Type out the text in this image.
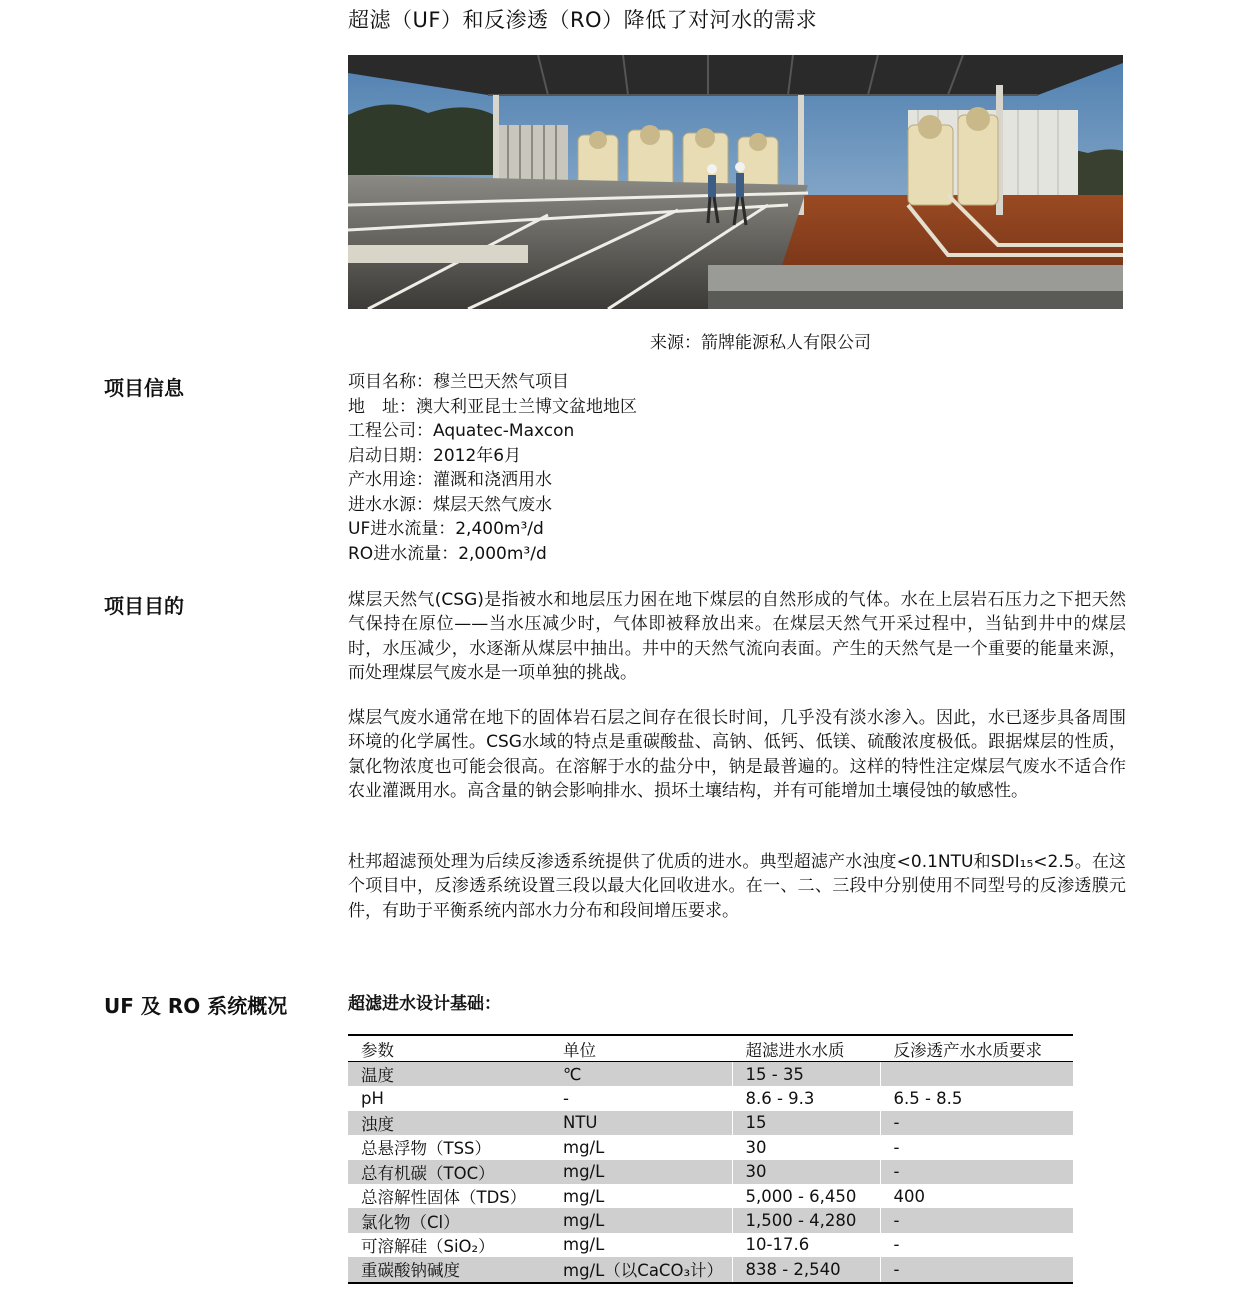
超滤（UF）和反渗透（RO）降低了对河水的需求
来源：箭牌能源私人有限公司
项目信息	项目名称：穆兰巴天然气项目
地　址：澳大利亚昆士兰博文盆地地区
工程公司：Aquatec-Maxcon
启动日期：2012年6月
产水用途：灌溉和浇洒用水
进水水源：煤层天然气废水
UF进水流量：2,400m³/d
RO进水流量：2,000m³/d
项目目的	煤层天然气(CSG)是指被水和地层压力困在地下煤层的自然形成的气体。水在上层岩石压力之下把天然气保持在原位——当水压减少时，气体即被释放出来。在煤层天然气开采过程中，当钻到井中的煤层时，水压减少，水逐渐从煤层中抽出。井中的天然气流向表面。产生的天然气是一个重要的能量来源，而处理煤层气废水是一项单独的挑战。
煤层气废水通常在地下的固体岩石层之间存在很长时间，几乎没有淡水渗入。因此，水已逐步具备周围环境的化学属性。CSG水域的特点是重碳酸盐、高钠、低钙、低镁、硫酸浓度极低。跟据煤层的性质，氯化物浓度也可能会很高。在溶解于水的盐分中，钠是最普遍的。这样的特性注定煤层气废水不适合作农业灌溉用水。高含量的钠会影响排水、损坏土壤结构，并有可能增加土壤侵蚀的敏感性。
杜邦超滤预处理为后续反渗透系统提供了优质的进水。典型超滤产水浊度<0.1NTU和SDI₁₅<2.5。在这个项目中，反渗透系统设置三段以最大化回收进水。在一、二、三段中分别使用不同型号的反渗透膜元件，有助于平衡系统内部水力分布和段间增压要求。
UF 及 RO 系统概况	超滤进水设计基础：
参数	单位	超滤进水水质	反渗透产水水质要求
温度	℃	15 - 35	
pH	-	8.6 - 9.3	6.5 - 8.5
浊度	NTU	15	-
总悬浮物（TSS）	mg/L	30	-
总有机碳（TOC）	mg/L	30	-
总溶解性固体（TDS）	mg/L	5,000 - 6,450	400
氯化物（Cl）	mg/L	1,500 - 4,280	-
可溶解硅（SiO₂）	mg/L	10-17.6	-
重碳酸钠碱度	mg/L（以CaCO₃计）	838 - 2,540	-
